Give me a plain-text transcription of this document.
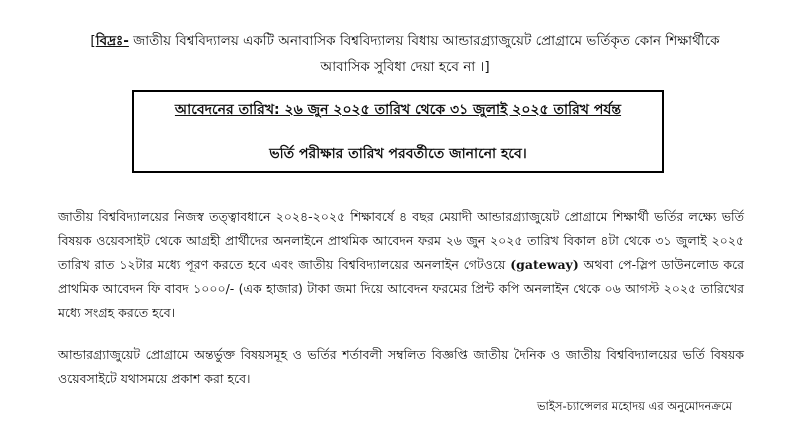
[বিদ্রঃ- জাতীয় বিশ্ববিদ্যালয় একটি অনাবাসিক বিশ্ববিদ্যালয় বিধায় আন্ডারগ্র্যাজুয়েট প্রোগ্রামে ভর্তিকৃত কোন শিক্ষার্থীকে আবাসিক সুবিধা দেয়া হবে না ।]
আবেদনের তারিখ: ২৬ জুন ২০২৫ তারিখ থেকে ৩১ জুলাই ২০২৫ তারিখ পর্যন্ত
ভর্তি পরীক্ষার তারিখ পরবর্তীতে জানানো হবে।

জাতীয় বিশ্ববিদ্যালয়ের নিজস্ব তত্ত্বাবধানে ২০২৪-২০২৫ শিক্ষাবর্ষে ৪ বছর মেয়াদী আন্ডারগ্র্যাজুয়েট প্রোগ্রামে শিক্ষার্থী ভর্তির লক্ষ্যে ভর্তি বিষয়ক ওয়েবসাইট থেকে আগ্রহী প্রার্থীদের অনলাইনে প্রাথমিক আবেদন ফরম ২৬ জুন ২০২৫ তারিখ বিকাল ৪টা থেকে ৩১ জুলাই ২০২৫ তারিখ রাত ১২টার মধ্যে পূরণ করতে হবে এবং জাতীয় বিশ্ববিদ্যালয়ের অনলাইন গেটওয়ে (gateway) অথবা পে-স্লিপ ডাউনলোড করে প্রাথমিক আবেদন ফি বাবদ ১০০০/- (এক হাজার) টাকা জমা দিয়ে আবেদন ফরমের প্রিন্ট কপি অনলাইন থেকে ০৬ আগস্ট ২০২৫ তারিখের মধ্যে সংগ্রহ করতে হবে।

আন্ডারগ্র্যাজুয়েট প্রোগ্রামে অন্তর্ভুক্ত বিষয়সমূহ ও ভর্তির শর্তাবলী সম্বলিত বিজ্ঞপ্তি জাতীয় দৈনিক ও জাতীয় বিশ্ববিদ্যালয়ের ভর্তি বিষয়ক ওয়েবসাইটে যথাসময়ে প্রকাশ করা হবে।

ভাইস-চ্যান্সেলর মহোদয় এর অনুমোদনক্রমে
